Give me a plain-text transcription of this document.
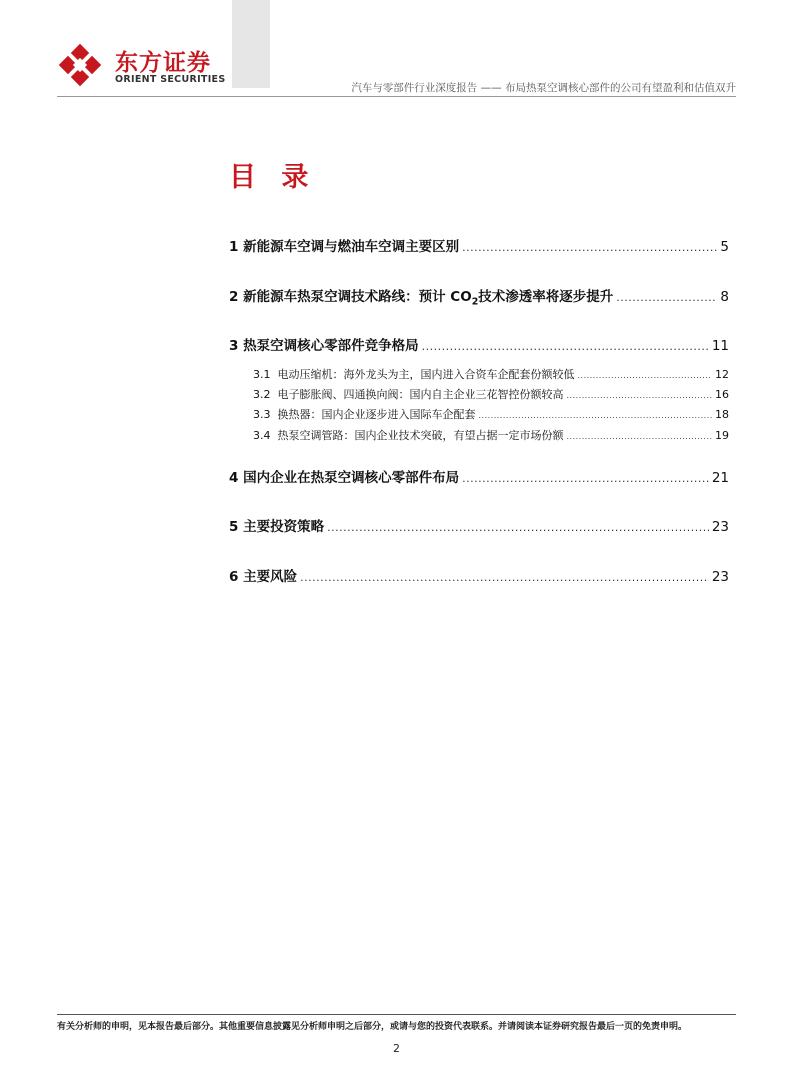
东方证券
ORIENT SECURITIES
汽车与零部件行业深度报告 —— 布局热泵空调核心部件的公司有望盈利和估值双升
目 录
1 新能源车空调与燃油车空调主要区别 .....	5
2 新能源车热泵空调技术路线：预计 $CO_2$技术渗透率将逐步提升 .....	8
3 热泵空调核心零部件竞争格局 .....	11
3.1 电动压缩机：海外龙头为主，国内进入合资车企配套份额较低 .....	12
3.2 电子膨胀阀、四通换向阀：国内自主企业三花智控份额较高 .....	16
3.3 换热器：国内企业逐步进入国际车企配套 .....	18
3.4 热泵空调管路：国内企业技术突破，有望占据一定市场份额 .....	19
4 国内企业在热泵空调核心零部件布局 .....	21
5 主要投资策略 .....	23
6 主要风险 .....	23
有关分析师的申明，见本报告最后部分。其他重要信息披露见分析师申明之后部分，或请与您的投资代表联系。并请阅读本证券研究报告最后一页的免责申明。
2
